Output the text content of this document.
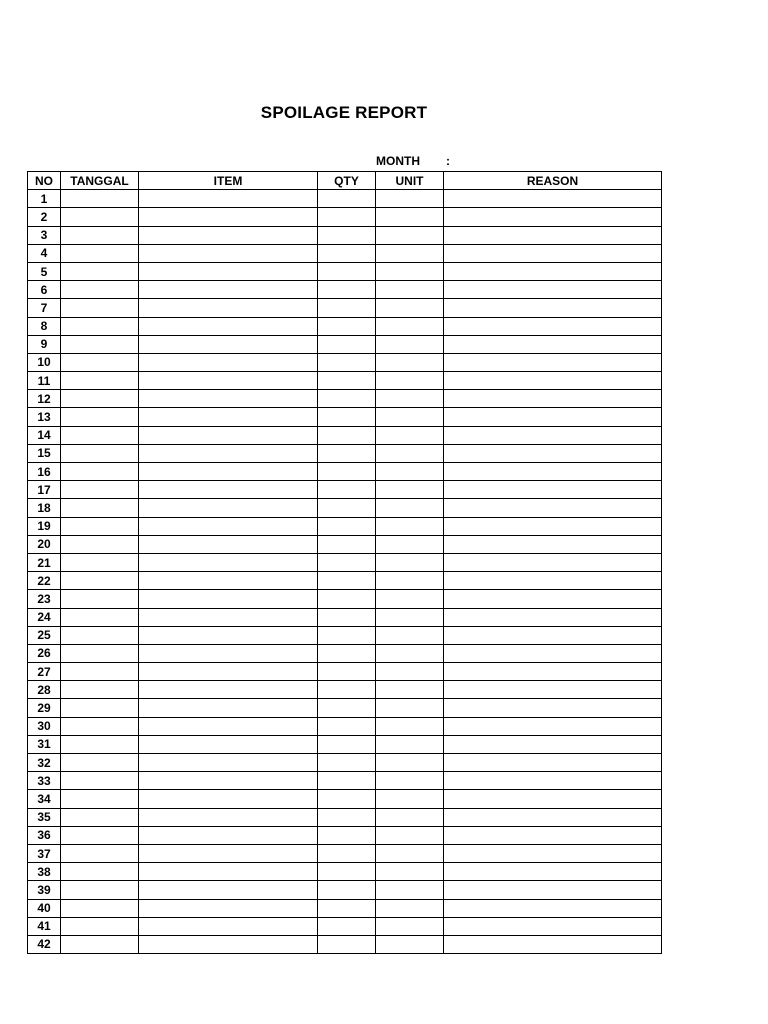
SPOILAGE REPORT
MONTH :
NO	TANGGAL	ITEM	QTY	UNIT	REASON
1					
2					
3					
4					
5					
6					
7					
8					
9					
10					
11					
12					
13					
14					
15					
16					
17					
18					
19					
20					
21					
22					
23					
24					
25					
26					
27					
28					
29					
30					
31					
32					
33					
34					
35					
36					
37					
38					
39					
40					
41					
42					
